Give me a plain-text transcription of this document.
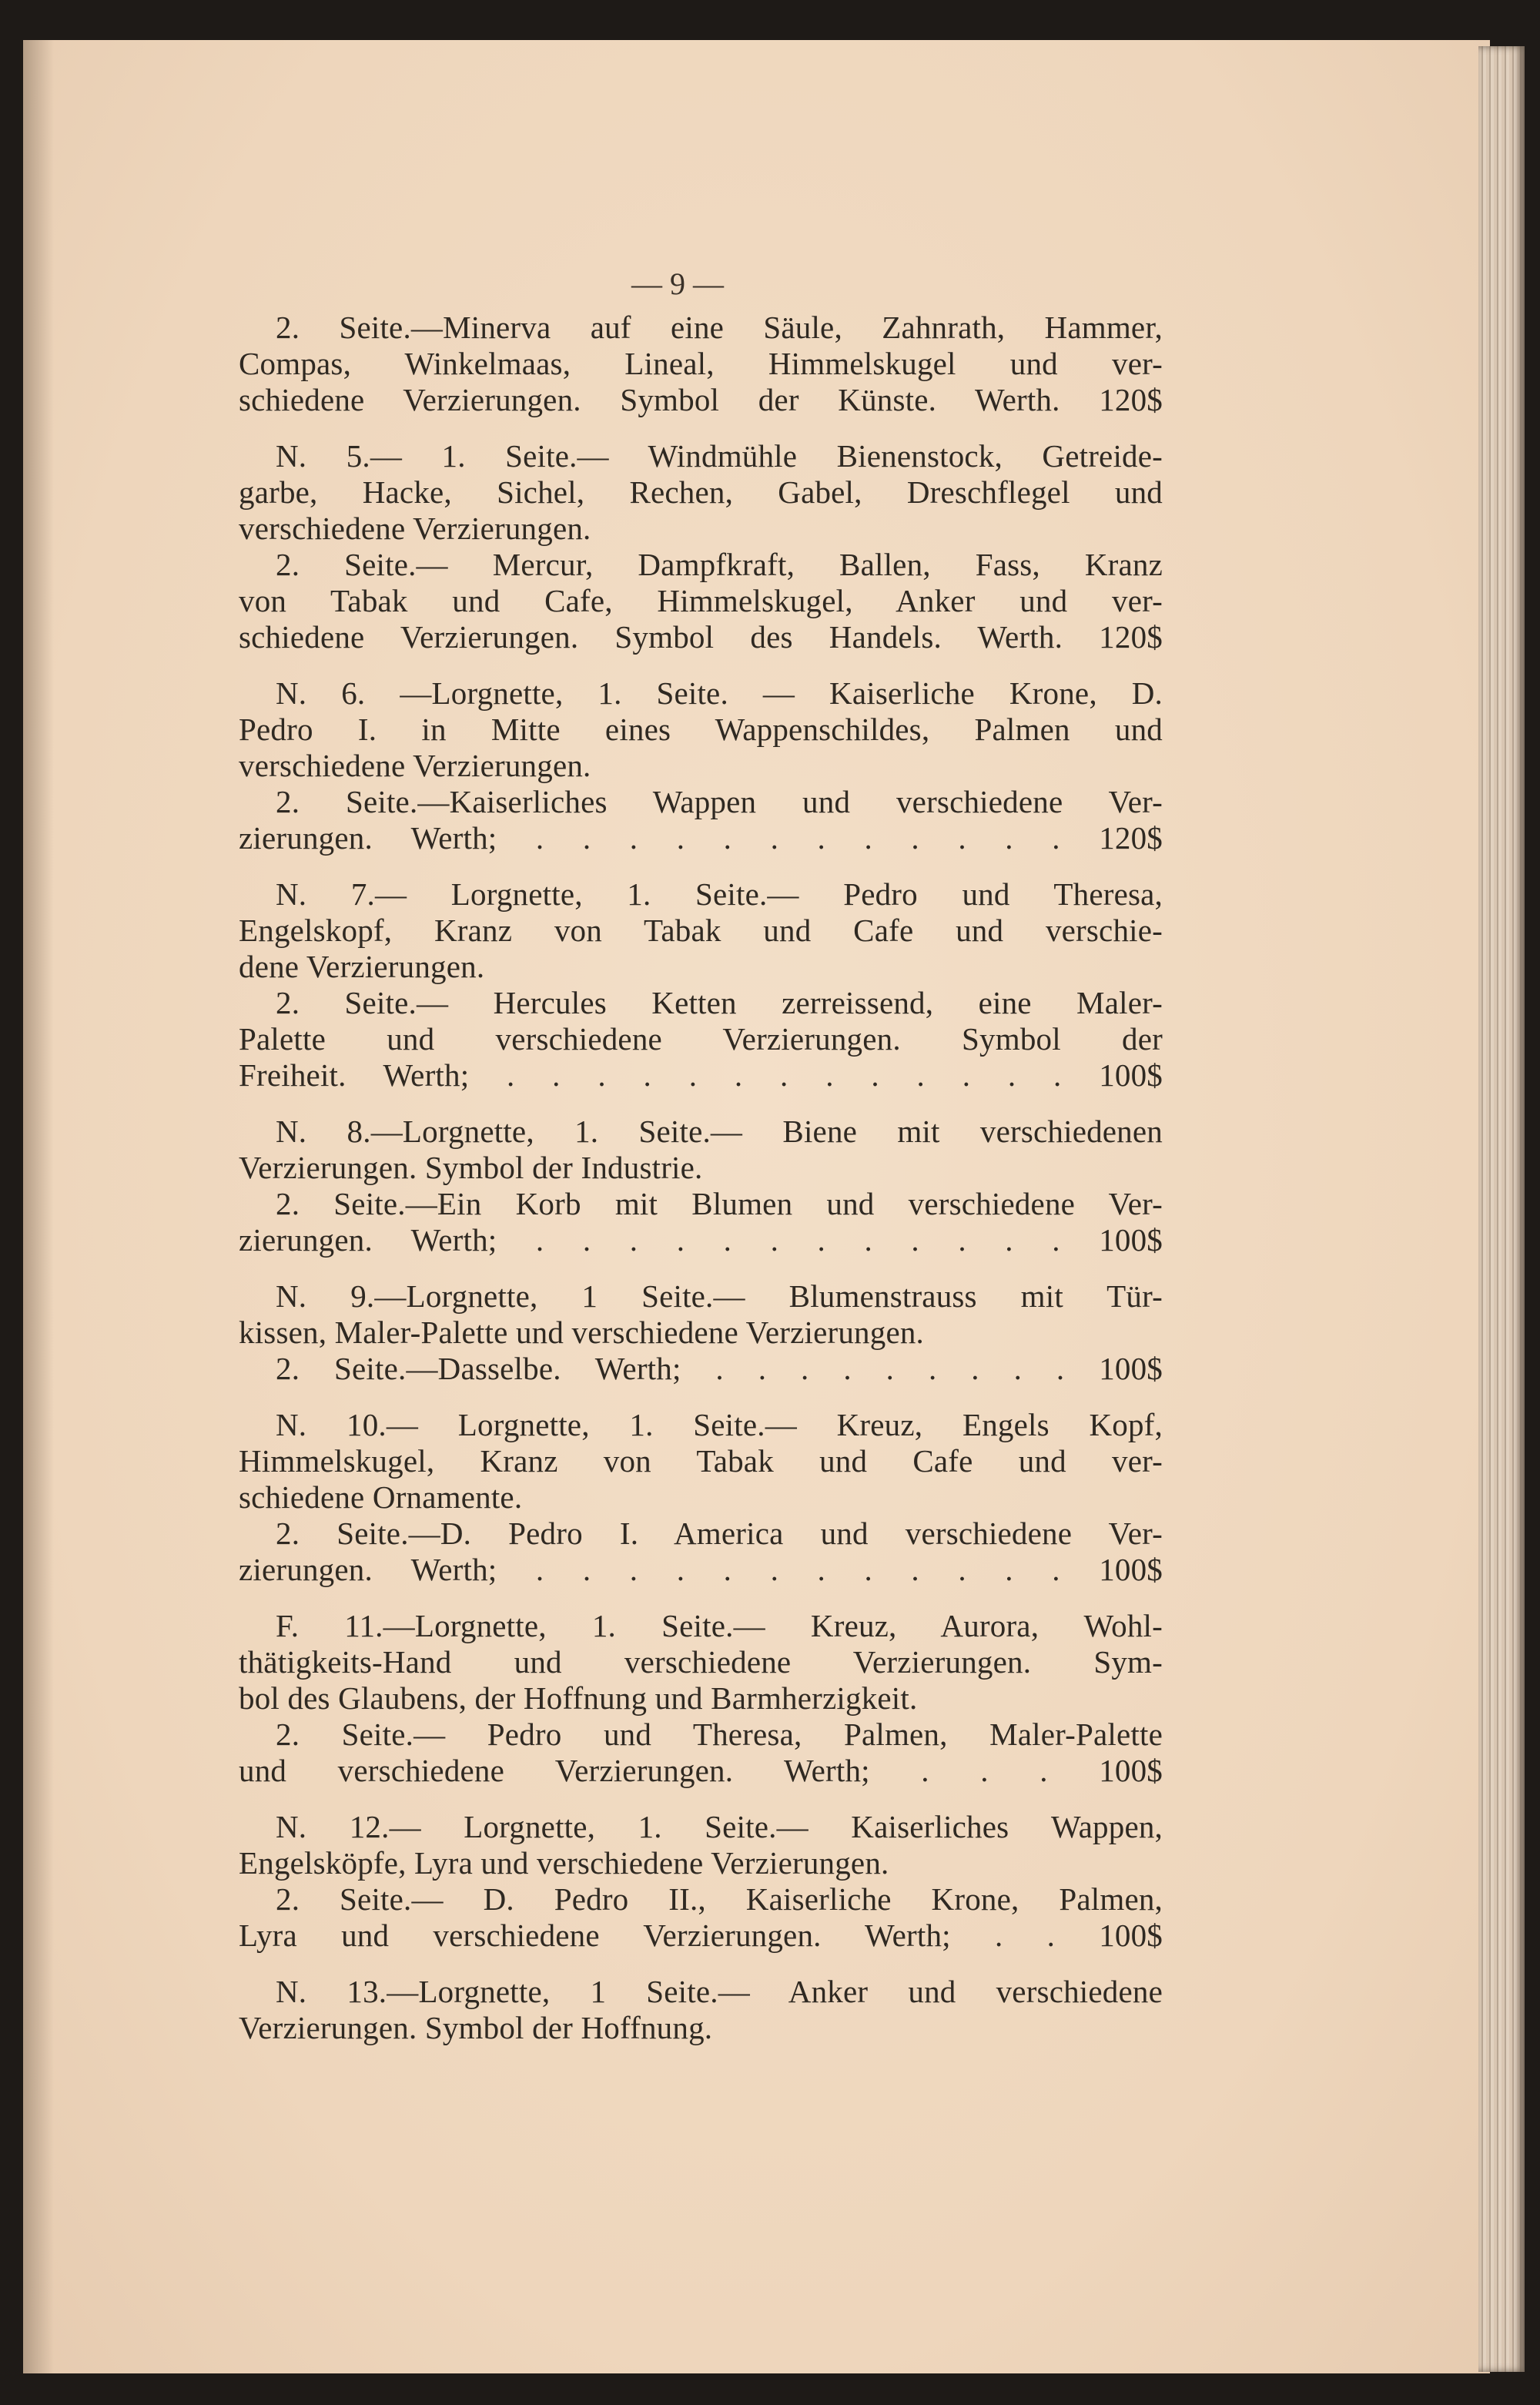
— 9 —
2. Seite.—Minerva auf eine Säule, Zahnrath, Hammer,
Compas, Winkelmaas, Lineal, Himmelskugel und ver-
schiedene Verzierungen. Symbol der Künste. Werth. 120$
N. 5.— 1. Seite.— Windmühle Bienenstock, Getreide-
garbe, Hacke, Sichel, Rechen, Gabel, Dreschflegel und
verschiedene Verzierungen.
2. Seite.— Mercur, Dampfkraft, Ballen, Fass, Kranz
von Tabak und Cafe, Himmelskugel, Anker und ver-
schiedene Verzierungen. Symbol des Handels. Werth. 120$
N. 6. —Lorgnette, 1. Seite. — Kaiserliche Krone, D.
Pedro I. in Mitte eines Wappenschildes, Palmen und
verschiedene Verzierungen.
2. Seite.—Kaiserliches Wappen und verschiedene Ver-
zierungen. Werth; . . . . . . . . . . . . 120$
N. 7.— Lorgnette, 1. Seite.— Pedro und Theresa,
Engelskopf, Kranz von Tabak und Cafe und verschie-
dene Verzierungen.
2. Seite.— Hercules Ketten zerreissend, eine Maler-
Palette und verschiedene Verzierungen. Symbol der
Freiheit. Werth; . . . . . . . . . . . . . 100$
N. 8.—Lorgnette, 1. Seite.— Biene mit verschiedenen
Verzierungen. Symbol der Industrie.
2. Seite.—Ein Korb mit Blumen und verschiedene Ver-
zierungen. Werth; . . . . . . . . . . . . 100$
N. 9.—Lorgnette, 1 Seite.— Blumenstrauss mit Tür-
kissen, Maler-Palette und verschiedene Verzierungen.
2. Seite.—Dasselbe. Werth; . . . . . . . . . 100$
N. 10.— Lorgnette, 1. Seite.— Kreuz, Engels Kopf,
Himmelskugel, Kranz von Tabak und Cafe und ver-
schiedene Ornamente.
2. Seite.—D. Pedro I. America und verschiedene Ver-
zierungen. Werth; . . . . . . . . . . . . 100$
F. 11.—Lorgnette, 1. Seite.— Kreuz, Aurora, Wohl-
thätigkeits-Hand und verschiedene Verzierungen. Sym-
bol des Glaubens, der Hoffnung und Barmherzigkeit.
2. Seite.— Pedro und Theresa, Palmen, Maler-Palette
und verschiedene Verzierungen. Werth; . . . 100$
N. 12.— Lorgnette, 1. Seite.— Kaiserliches Wappen,
Engelsköpfe, Lyra und verschiedene Verzierungen.
2. Seite.— D. Pedro II., Kaiserliche Krone, Palmen,
Lyra und verschiedene Verzierungen. Werth; . . 100$
N. 13.—Lorgnette, 1 Seite.— Anker und verschiedene
Verzierungen. Symbol der Hoffnung.
